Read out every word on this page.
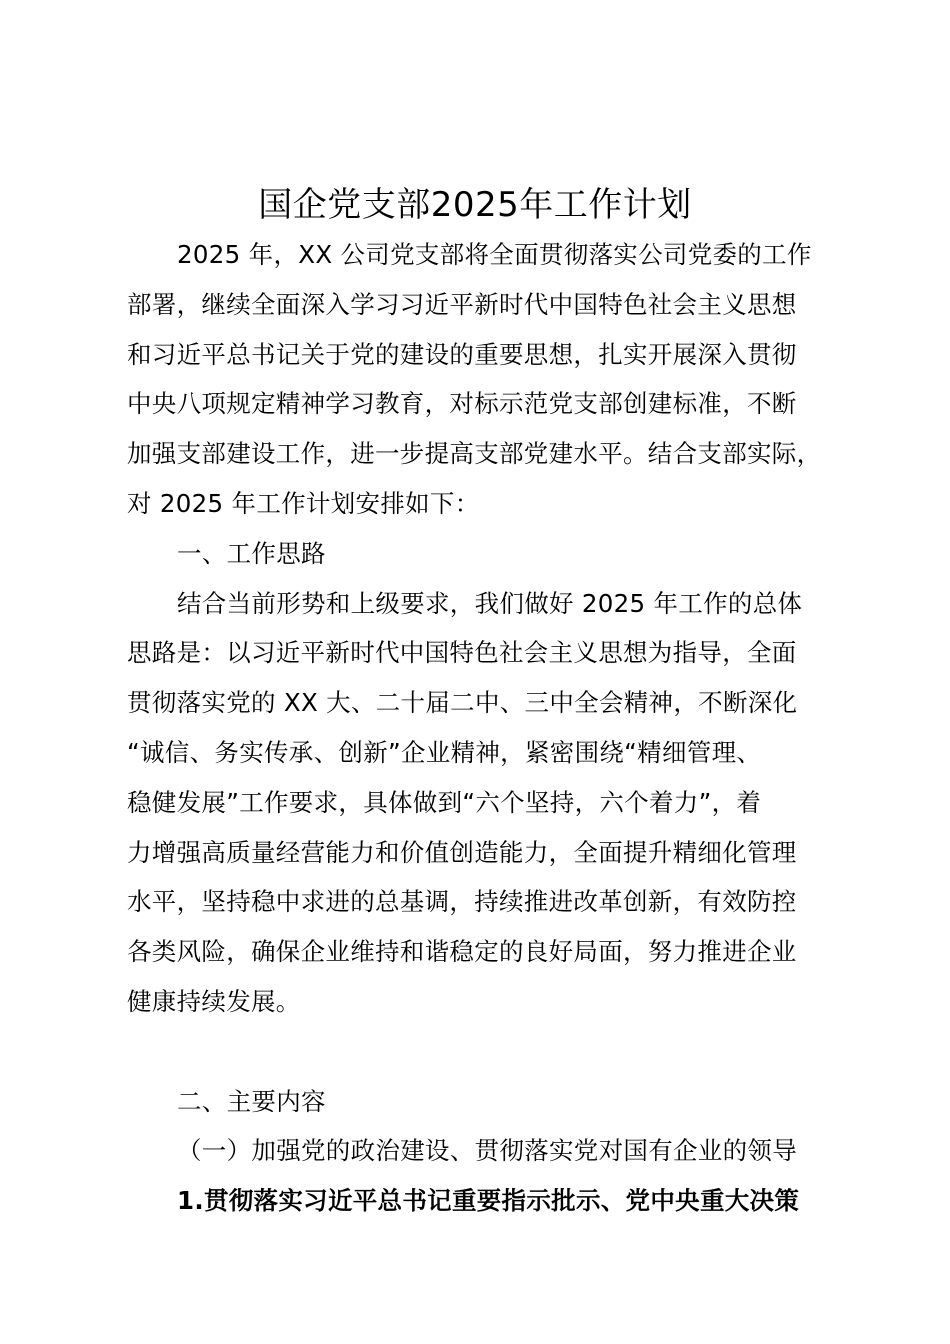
国企党支部2025年工作计划
2025 年，XX 公司党支部将全面贯彻落实公司党委的工作
部署，继续全面深入学习习近平新时代中国特色社会主义思想
和习近平总书记关于党的建设的重要思想，扎实开展深入贯彻
中央八项规定精神学习教育，对标示范党支部创建标准，不断
加强支部建设工作，进一步提高支部党建水平。结合支部实际，
对 2025 年工作计划安排如下：
一、工作思路
结合当前形势和上级要求，我们做好 2025 年工作的总体
思路是：以习近平新时代中国特色社会主义思想为指导，全面
贯彻落实党的 XX 大、二十届二中、三中全会精神，不断深化
“诚信、务实传承、创新”企业精神，紧密围绕“精细管理、
稳健发展”工作要求，具体做到“六个坚持，六个着力”，着
力增强高质量经营能力和价值创造能力，全面提升精细化管理
水平，坚持稳中求进的总基调，持续推进改革创新，有效防控
各类风险，确保企业维持和谐稳定的良好局面，努力推进企业
健康持续发展。
二、主要内容
（一）加强党的政治建设、贯彻落实党对国有企业的领导
1.贯彻落实习近平总书记重要指示批示、党中央重大决策
